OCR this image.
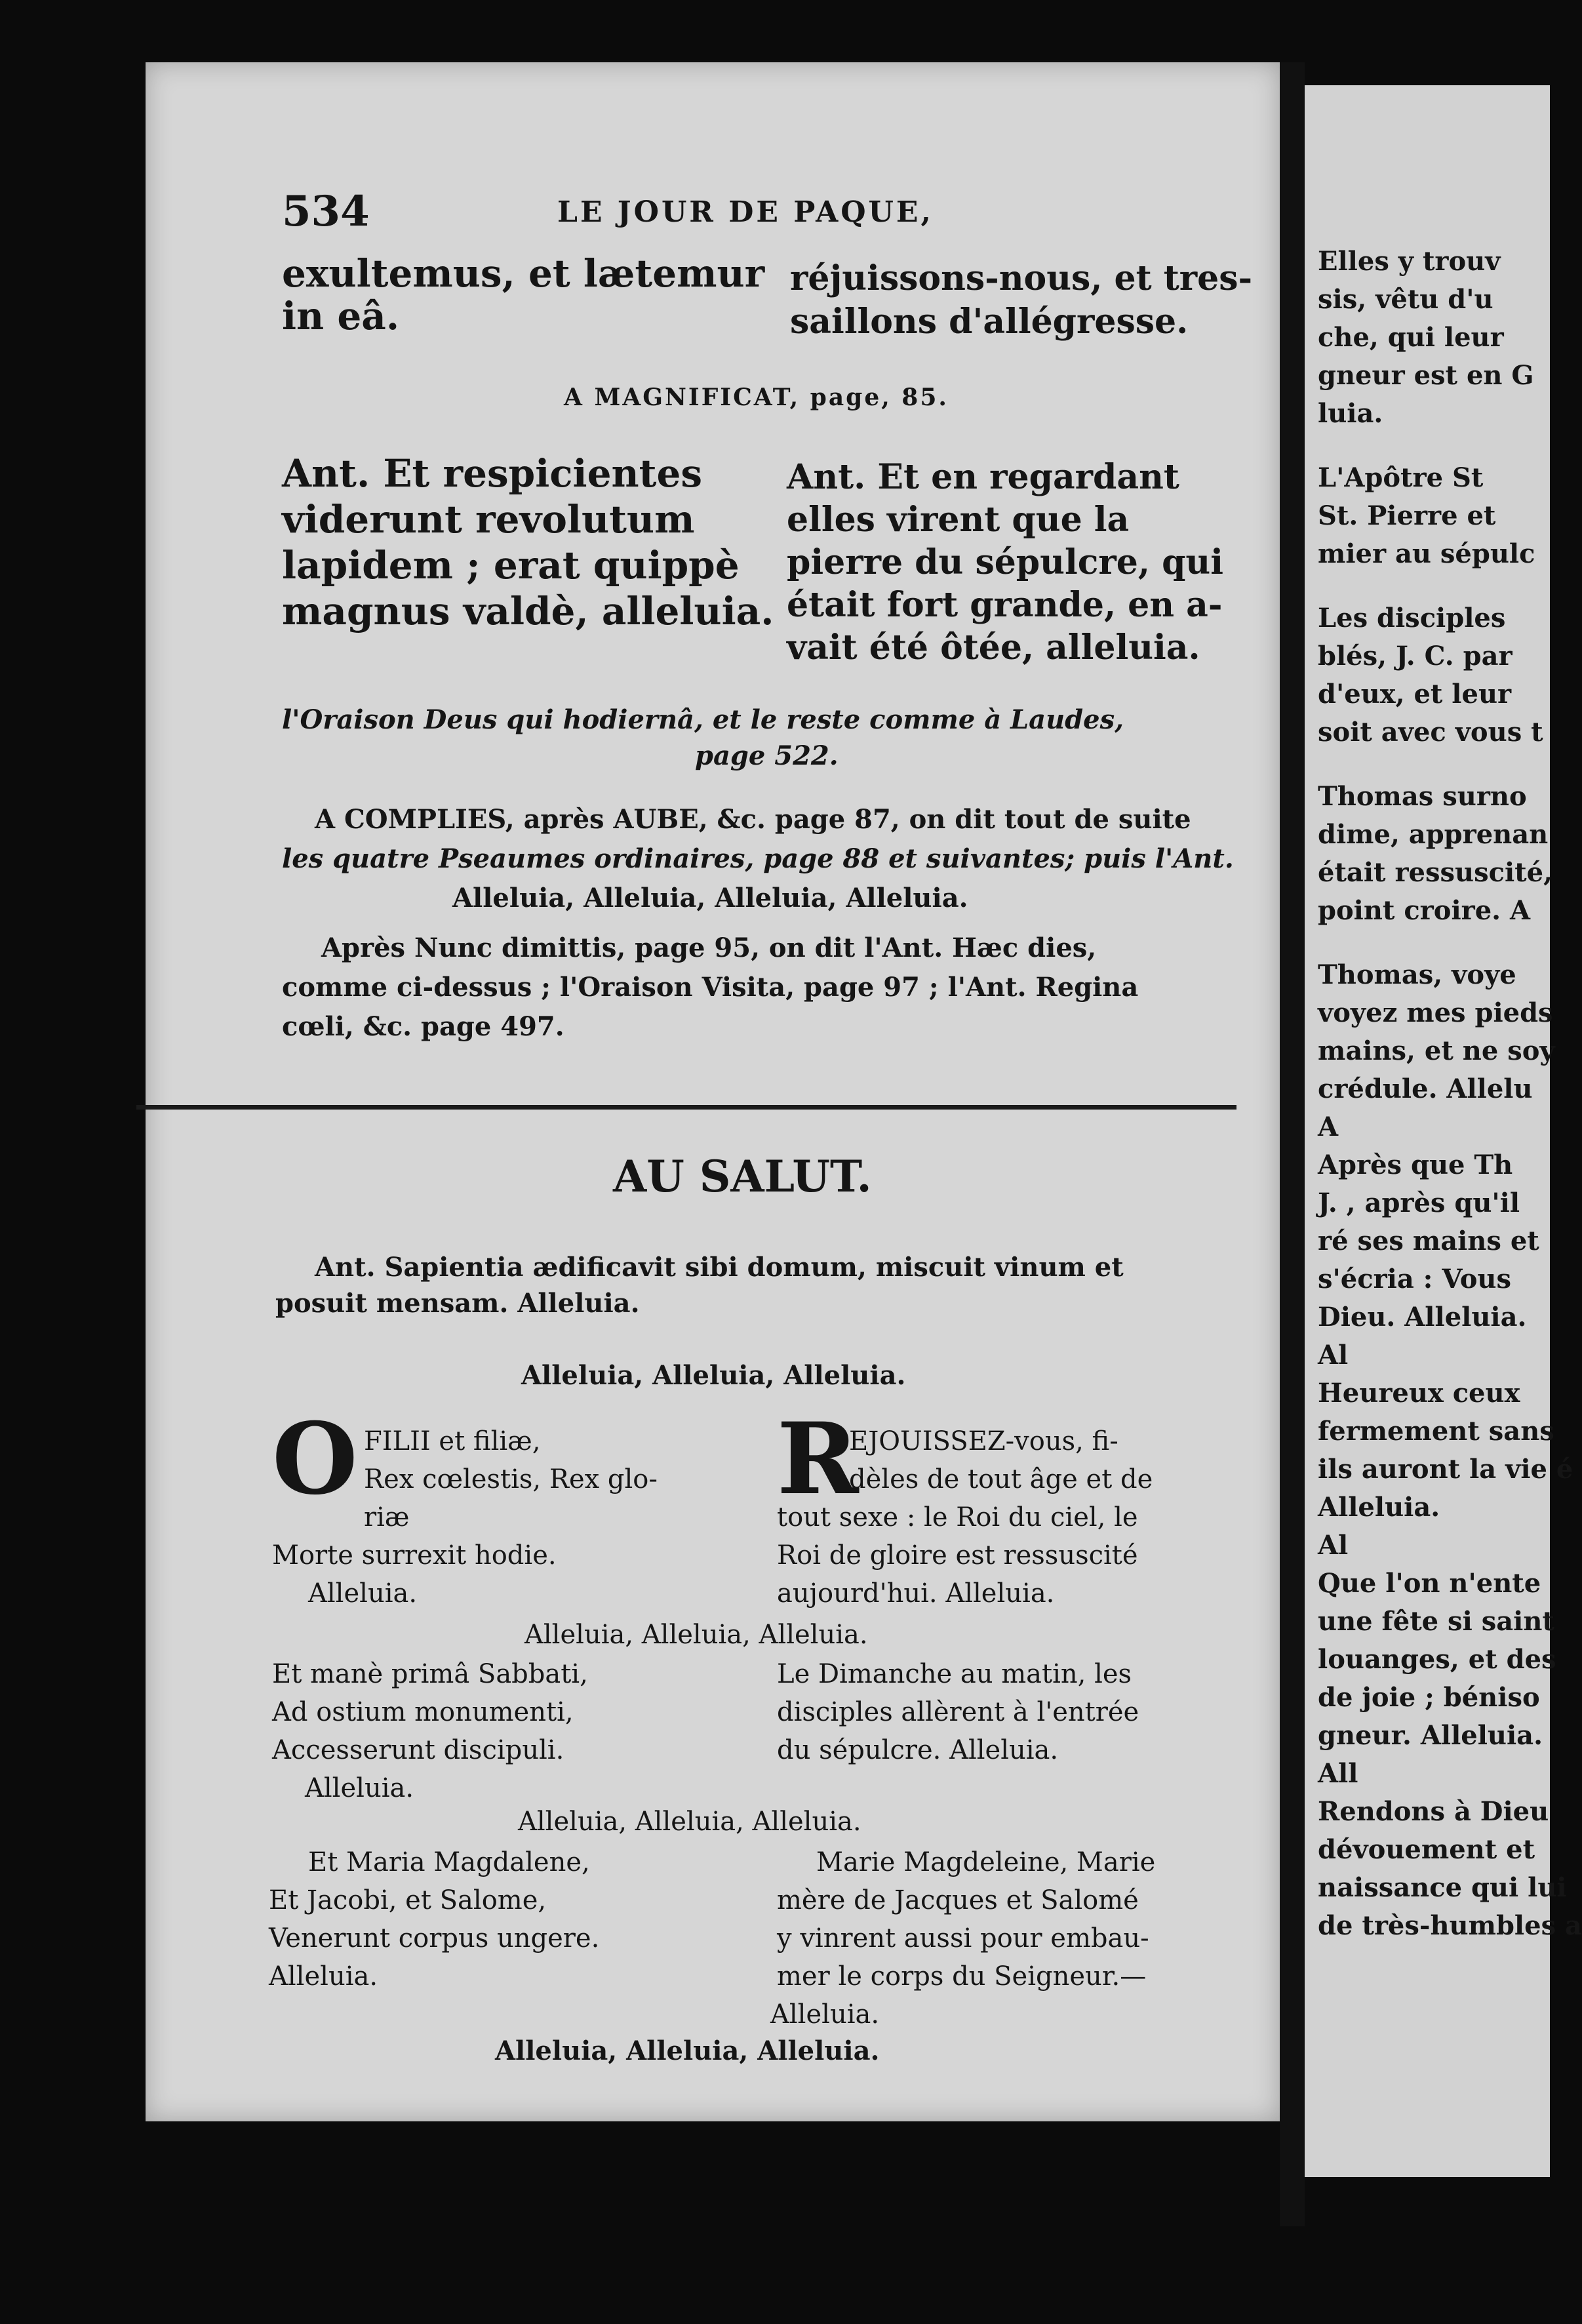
534	LE JOUR DE PAQUE,
exultemus, et lætemur
in eâ.
réjuissons-nous, et tres-
saillons d'allégresse.
A MAGNIFICAT, page, 85.
Ant. Et respicientes
viderunt revolutum
lapidem ; erat quippè
magnus valdè, alleluia.
Ant. Et en regardant
elles virent que la
pierre du sépulcre, qui
était fort grande, en a-
vait été ôtée, alleluia.
l'Oraison Deus qui hodiernâ, et le reste comme à Laudes,
page 522.
A COMPLIES, après AUBE, &c. page 87, on dit tout de suite
les quatre Pseaumes ordinaires, page 88 et suivantes; puis l'Ant.
Alleluia, Alleluia, Alleluia, Alleluia.
Après Nunc dimittis, page 95, on dit l'Ant. Hæc dies,
comme ci-dessus ; l'Oraison Visita, page 97 ; l'Ant. Regina
cœli, &c. page 497.
AU SALUT.
Ant. Sapientia ædificavit sibi domum, miscuit vinum et
posuit mensam. Alleluia.
Alleluia, Alleluia, Alleluia.
O FILII et filiæ,
Rex cœlestis, Rex glo-
riæ
Morte surrexit hodie.
Alleluia.
R
EJOUISSEZ-vous, fi-
dèles de tout âge et de
tout sexe : le Roi du ciel, le
Roi de gloire est ressuscité
aujourd'hui. Alleluia.
Alleluia, Alleluia, Alleluia.
Et manè primâ Sabbati,
Ad ostium monumenti,
Accesserunt discipuli.
Alleluia.
Le Dimanche au matin, les
disciples allèrent à l'entrée
du sépulcre. Alleluia.
Alleluia, Alleluia, Alleluia.
Et Maria Magdalene,
Et Jacobi, et Salome,
Venerunt corpus ungere.
Alleluia.
Marie Magdeleine, Marie
mère de Jacques et Salomé
y vinrent aussi pour embau-
mer le corps du Seigneur.—
Alleluia.
Alleluia, Alleluia, Alleluia.
Elles y trouv
sis, vêtu d'u
che, qui leur
gneur est en G
luia.
L'Apôtre St
St. Pierre et
mier au sépulc
Les disciples
blés, J. C. par
d'eux, et leur
soit avec vous t
Thomas surno
dime, apprenan
était ressuscité,
point croire. A
Thomas, voye
voyez mes pieds
mains, et ne soy
crédule. Allelu
A
Après que Th
J. , après qu'il
ré ses mains et
s'écria : Vous
Dieu. Alleluia.
Al
Heureux ceux
fermement sans
ils auront la vie é
Alleluia.
Al
Que l'on n'ente
une fête si saint
louanges, et des
de joie ; béniso
gneur. Alleluia.
All
Rendons à Dieu
dévouement et
naissance qui lui
de très-humbles a
